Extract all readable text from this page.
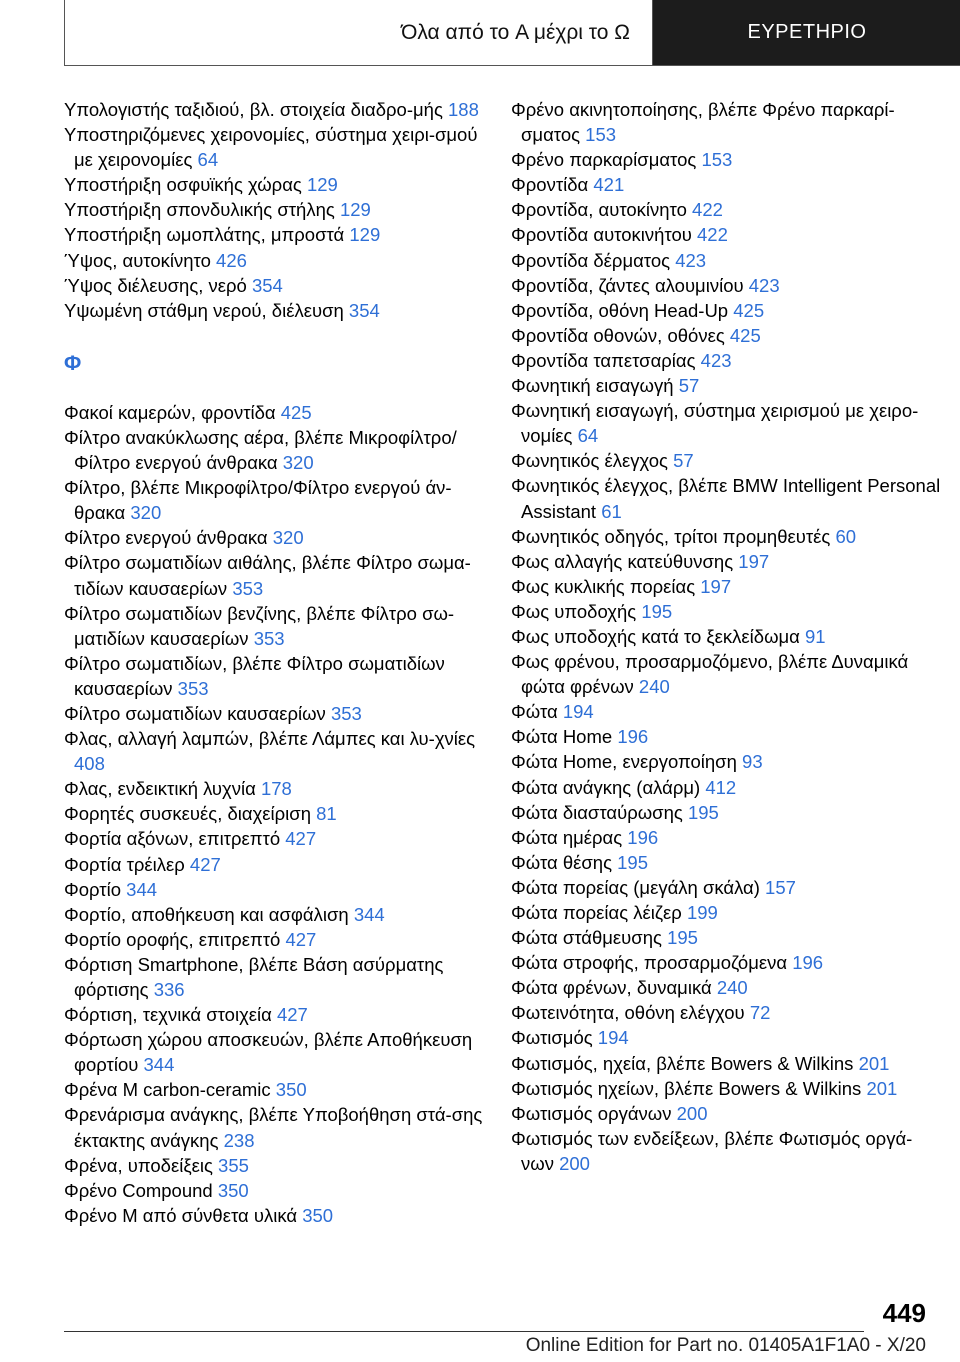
Όλα από το A μέχρι το Ω	ΕΥΡΕΤΗΡΙΟ
Υπολογιστής ταξιδιού, βλ. στοιχεία διαδρο-μής 188
Υποστηριζόμενες χειρονομίες, σύστημα χειρι-σμού με χειρονομίες 64
Υποστήριξη οσφυϊκής χώρας 129
Υποστήριξη σπονδυλικής στήλης 129
Υποστήριξη ωμοπλάτης, μπροστά 129
Ύψος, αυτοκίνητο 426
Ύψος διέλευσης, νερό 354
Υψωμένη στάθμη νερού, διέλευση 354
Φ
Φακοί καμερών, φροντίδα 425
Φίλτρο ανακύκλωσης αέρα, βλέπε Μικροφίλτρο/Φίλτρο ενεργού άνθρακα 320
Φίλτρο, βλέπε Μικροφίλτρο/Φίλτρο ενεργού άν-θρακα 320
Φίλτρο ενεργού άνθρακα 320
Φίλτρο σωματιδίων αιθάλης, βλέπε Φίλτρο σωμα-τιδίων καυσαερίων 353
Φίλτρο σωματιδίων βενζίνης, βλέπε Φίλτρο σω-ματιδίων καυσαερίων 353
Φίλτρο σωματιδίων, βλέπε Φίλτρο σωματιδίων καυσαερίων 353
Φίλτρο σωματιδίων καυσαερίων 353
Φλας, αλλαγή λαμπών, βλέπε Λάμπες και λυ-χνίες 408
Φλας, ενδεικτική λυχνία 178
Φορητές συσκευές, διαχείριση 81
Φορτία αξόνων, επιτρεπτό 427
Φορτία τρέιλερ 427
Φορτίο 344
Φορτίο, αποθήκευση και ασφάλιση 344
Φορτίο οροφής, επιτρεπτό 427
Φόρτιση Smartphone, βλέπε Βάση ασύρματης φόρτισης 336
Φόρτιση, τεχνικά στοιχεία 427
Φόρτωση χώρου αποσκευών, βλέπε Αποθήκευση φορτίου 344
Φρένα M carbon-ceramic 350
Φρενάρισμα ανάγκης, βλέπε Υποβοήθηση στά-σης έκτακτης ανάγκης 238
Φρένα, υποδείξεις 355
Φρένο Compound 350
Φρένο M από σύνθετα υλικά 350
Φρένο ακινητοποίησης, βλέπε Φρένο παρκαρί-σματος 153
Φρένο παρκαρίσματος 153
Φροντίδα 421
Φροντίδα, αυτοκίνητο 422
Φροντίδα αυτοκινήτου 422
Φροντίδα δέρματος 423
Φροντίδα, ζάντες αλουμινίου 423
Φροντίδα, οθόνη Head-Up 425
Φροντίδα οθονών, οθόνες 425
Φροντίδα ταπετσαρίας 423
Φωνητική εισαγωγή 57
Φωνητική εισαγωγή, σύστημα χειρισμού με χειρο-νομίες 64
Φωνητικός έλεγχος 57
Φωνητικός έλεγχος, βλέπε BMW Intelligent Personal Assistant 61
Φωνητικός οδηγός, τρίτοι προμηθευτές 60
Φως αλλαγής κατεύθυνσης 197
Φως κυκλικής πορείας 197
Φως υποδοχής 195
Φως υποδοχής κατά το ξεκλείδωμα 91
Φως φρένου, προσαρμοζόμενο, βλέπε Δυναμικά φώτα φρένων 240
Φώτα 194
Φώτα Home 196
Φώτα Home, ενεργοποίηση 93
Φώτα ανάγκης (αλάρμ) 412
Φώτα διασταύρωσης 195
Φώτα ημέρας 196
Φώτα θέσης 195
Φώτα πορείας (μεγάλη σκάλα) 157
Φώτα πορείας λέιζερ 199
Φώτα στάθμευσης 195
Φώτα στροφής, προσαρμοζόμενα 196
Φώτα φρένων, δυναμικά 240
Φωτεινότητα, οθόνη ελέγχου 72
Φωτισμός 194
Φωτισμός, ηχεία, βλέπε Bowers & Wilkins 201
Φωτισμός ηχείων, βλέπε Bowers & Wilkins 201
Φωτισμός οργάνων 200
Φωτισμός των ενδείξεων, βλέπε Φωτισμός οργά-νων 200
449
Online Edition for Part no. 01405A1F1A0 - X/20
